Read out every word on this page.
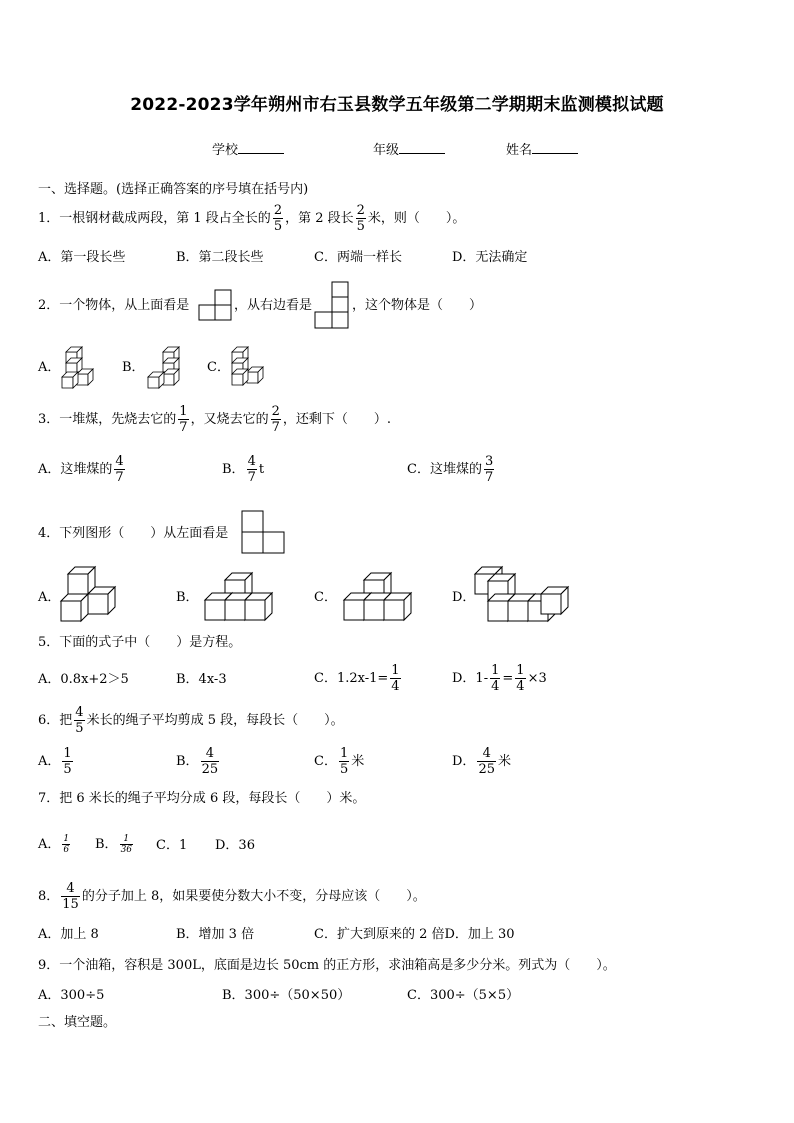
2022-2023学年朔州市右玉县数学五年级第二学期期末监测模拟试题
学校	年级	姓名
一、选择题。(选择正确答案的序号填在括号内)
1．一根钢材截成两段，第 1 段占全长的 $\frac{2}{5}$ ，第 2 段长 $\frac{2}{5}$ 米，则（　　）。
A．第一段长些	B．第二段长些	C．两端一样长	D．无法确定
2．一个物体，从上面看是	，从右边看是	，这个物体是（　　）
A．	B．	C．
3．一堆煤，先烧去它的 $\frac{1}{7}$ ，又烧去它的 $\frac{2}{7}$ ，还剩下（　　）.
A．这堆煤的 $\frac{4}{7}$	B． $\frac{4}{7}$ t	C．这堆煤的 $\frac{3}{7}$
4．下列图形（　　）从左面看是
A．	B．	C．	D．
5．下面的式子中（　　）是方程。
A．0.8x+2＞5	B．4x-3	C．$1.2x-1= \frac{1}{4}$	D．$1- \frac{1}{4} = \frac{1}{4} \times 3$
6．把 $\frac{4}{5}$ 米长的绳子平均剪成 5 段，每段长（　　）。
A． $\frac{1}{5}$	B． $\frac{4}{25}$	C． $\frac{1}{5}$ 米	D． $\frac{4}{25}$ 米
7．把 6 米长的绳子平均分成 6 段，每段长（　　）米。
A． $\frac{1}{6}$ B． $\frac{1}{36}$ C．1 D．36
8． $\frac{4}{15}$ 的分子加上 8，如果要使分数大小不变，分母应该（　　）。
A．加上 8	B．增加 3 倍	C．扩大到原来的 2 倍D．加上 30
9．一个油箱，容积是 300L，底面是边长 50cm 的正方形，求油箱高是多少分米。列式为（　　）。
A．300÷5	B．300÷（50×50）	C．300÷（5×5）
二、填空题。
